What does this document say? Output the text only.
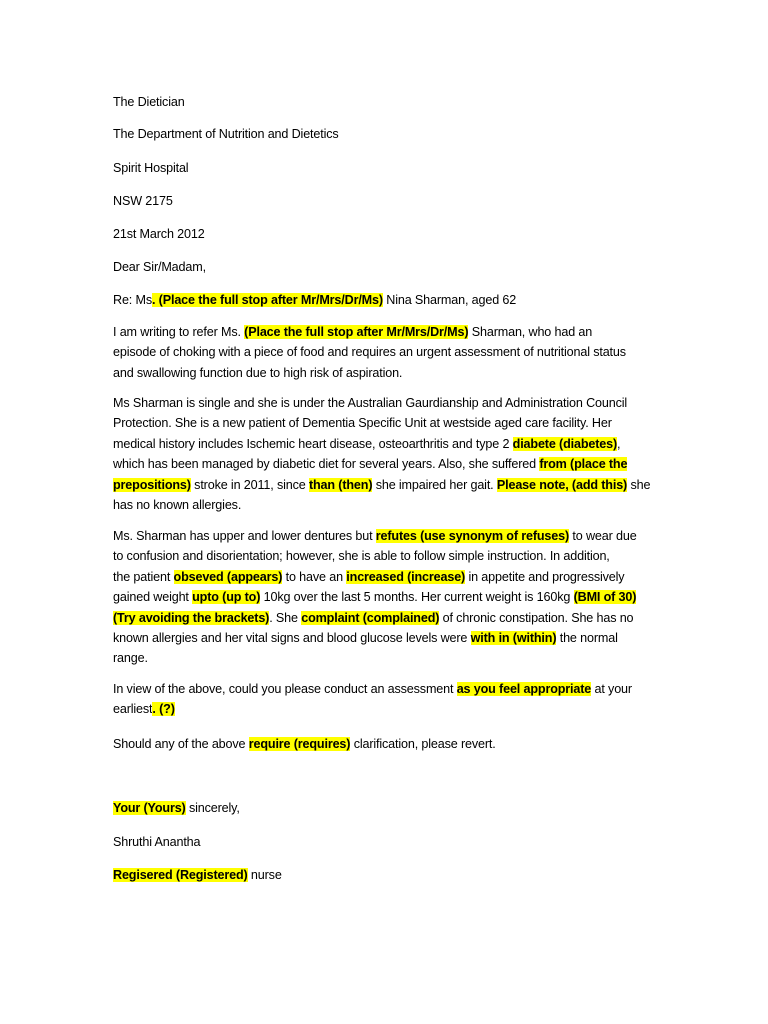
The Dietician
The Department of Nutrition and Dietetics
Spirit Hospital
NSW 2175
21st March 2012
Dear Sir/Madam,
Re: Ms. (Place the full stop after Mr/Mrs/Dr/Ms) Nina Sharman, aged 62
I am writing to refer Ms. (Place the full stop after Mr/Mrs/Dr/Ms) Sharman, who had an
episode of choking with a piece of food and requires an urgent assessment of nutritional status
and swallowing function due to high risk of aspiration.
Ms Sharman is single and she is under the Australian Gaurdianship and Administration Council
Protection. She is a new patient of Dementia Specific Unit at westside aged care facility. Her
medical history includes Ischemic heart disease, osteoarthritis and type 2 diabete (diabetes),
which has been managed by diabetic diet for several years. Also, she suffered from (place the
prepositions) stroke in 2011, since than (then) she impaired her gait. Please note, (add this) she
has no known allergies.
Ms. Sharman has upper and lower dentures but refutes (use synonym of refuses) to wear due
to confusion and disorientation; however, she is able to follow simple instruction. In addition,
the patient obseved (appears) to have an increased (increase) in appetite and progressively
gained weight upto (up to) 10kg over the last 5 months. Her current weight is 160kg (BMI of 30)
(Try avoiding the brackets). She complaint (complained) of chronic constipation. She has no
known allergies and her vital signs and blood glucose levels were with in (within) the normal
range.
In view of the above, could you please conduct an assessment as you feel appropriate at your
earliest. (?)
Should any of the above require (requires) clarification, please revert.
Your (Yours) sincerely,
Shruthi Anantha
Regisered (Registered) nurse
